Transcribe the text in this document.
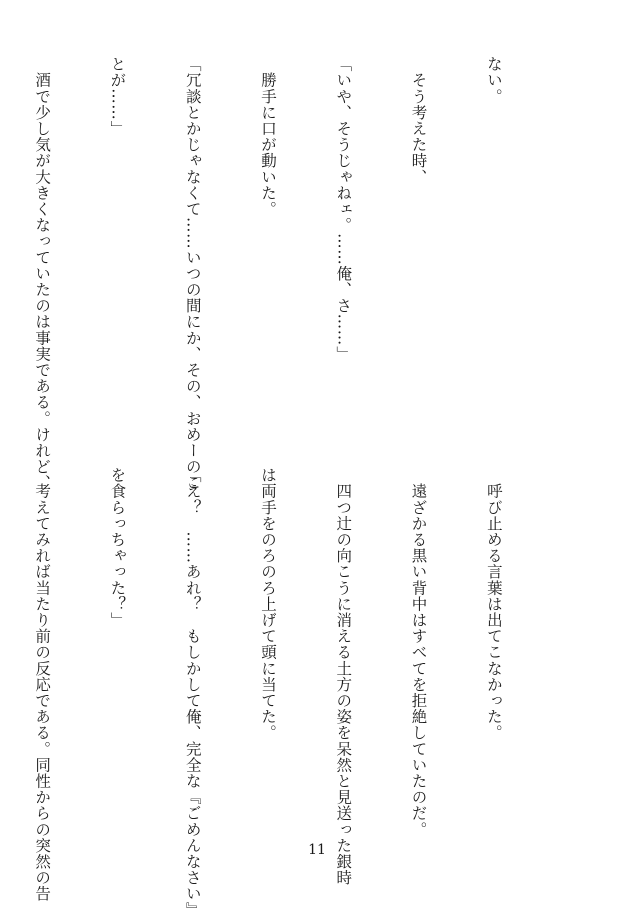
ない。

　そう考えた時、

「いや、そうじゃねェ。……俺、さ……」

　勝手に口が動いた。

「冗談とかじゃなくて……いつの間にか、その、おめーのこ

とが……」

　酒で少し気が大きくなっていたのは事実である。けれど、

　呼び止める言葉は出てこなかった。

　遠ざかる黒い背中はすべてを拒絶していたのだ。

　四つ辻の向こうに消える土方の姿を呆然と見送った銀時

は両手をのろのろ上げて頭に当てた。

「え？　……あれ？　もしかして俺、完全な『ごめんなさい』

を食らっちゃった？」

　考えてみれば当たり前の反応である。同性からの突然の告

	11
